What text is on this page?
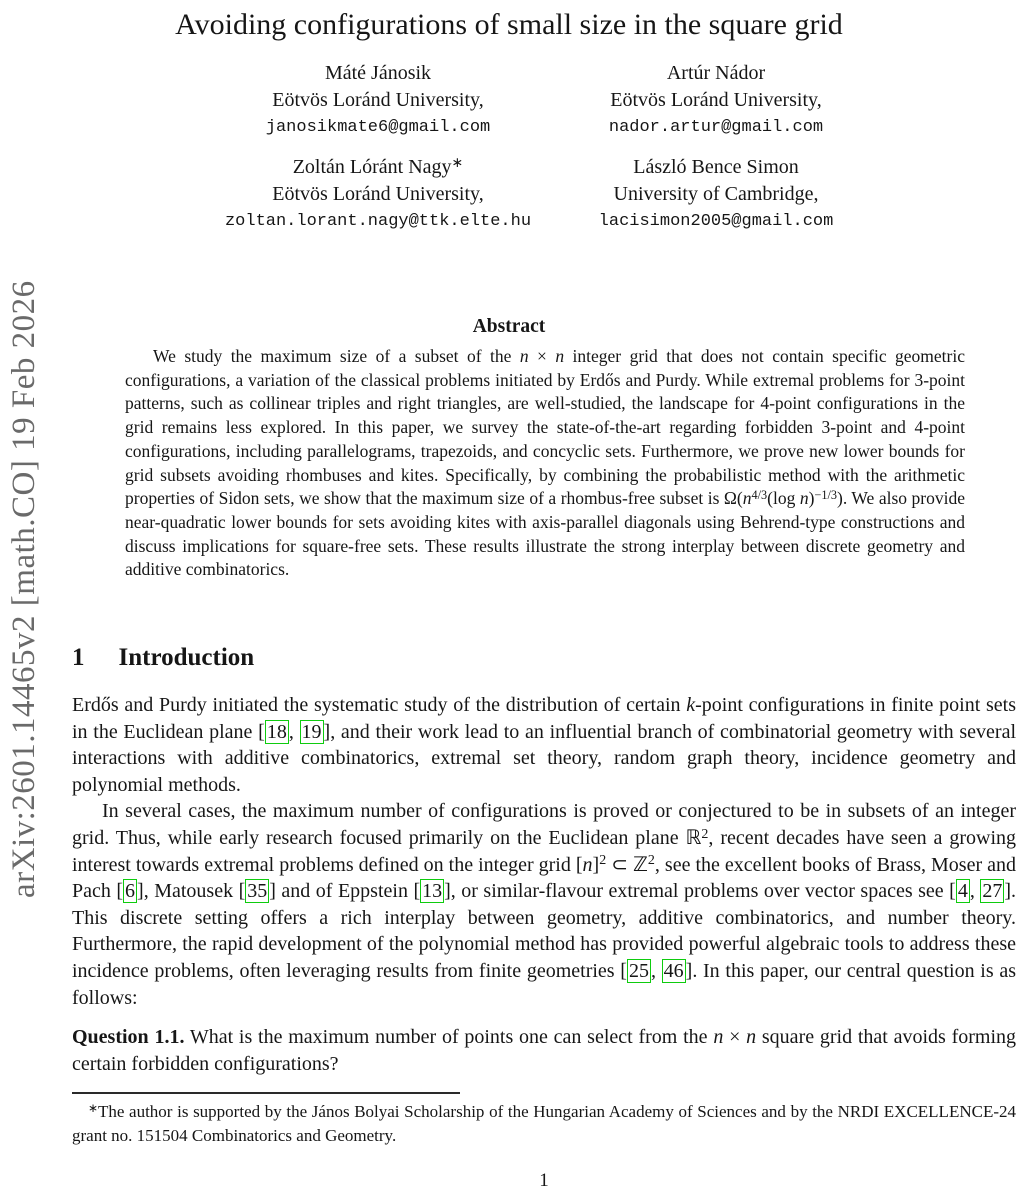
arXiv:2601.14465v2 [math.CO] 19 Feb 2026
Avoiding configurations of small size in the square grid
Máté Jánosik
Eötvös Loránd University,
janosikmate6@gmail.com
Artúr Nádor
Eötvös Loránd University,
nador.artur@gmail.com
Zoltán Lóránt Nagy∗
Eötvös Loránd University,
zoltan.lorant.nagy@ttk.elte.hu
László Bence Simon
University of Cambridge,
lacisimon2005@gmail.com
Abstract
We study the maximum size of a subset of the n × n integer grid that does not contain specific geometric configurations, a variation of the classical problems initiated by Erdős and Purdy. While extremal problems for 3-point patterns, such as collinear triples and right triangles, are well-studied, the landscape for 4-point configurations in the grid remains less explored. In this paper, we survey the state-of-the-art regarding forbidden 3-point and 4-point configurations, including parallelograms, trapezoids, and concyclic sets. Furthermore, we prove new lower bounds for grid subsets avoiding rhombuses and kites. Specifically, by combining the probabilistic method with the arithmetic properties of Sidon sets, we show that the maximum size of a rhombus-free subset is $\Omega(n^{4/3}(\log$ n)$^{-1/3}$). We also provide near-quadratic lower bounds for sets avoiding kites with axis-parallel diagonals using Behrend-type constructions and discuss implications for square-free sets. These results illustrate the strong interplay between discrete geometry and additive combinatorics.
1 Introduction

Erdős and Purdy initiated the systematic study of the distribution of certain k-point configurations in finite point sets in the Euclidean plane [ 18 , 19 ], and their work lead to an influential branch of combinatorial geometry with several interactions with additive combinatorics, extremal set theory, random graph theory, incidence geometry and polynomial methods.

In several cases, the maximum number of configurations is proved or conjectured to be in subsets of an integer grid. Thus, while early research focused primarily on the Euclidean plane ℝ$^2$, recent decades have seen a growing interest towards extremal problems defined on the integer grid $[n]^2$ ⊂ ℤ$^2$, see the excellent books of Brass, Moser and Pach [ 6 ], Matousek [ 35 ] and of Eppstein [ 13 ], or similar-flavour extremal problems over vector spaces see [ 4 , 27 ]. This discrete setting offers a rich interplay between geometry, additive combinatorics, and number theory. Furthermore, the rapid development of the polynomial method has provided powerful algebraic tools to address these incidence problems, often leveraging results from finite geometries [ 25 , 46 ]. In this paper, our central question is as follows:

Question 1.1. What is the maximum number of points one can select from the n × n square grid that avoids forming certain forbidden configurations?

∗The author is supported by the János Bolyai Scholarship of the Hungarian Academy of Sciences and by the NRDI EXCELLENCE-24 grant no. 151504 Combinatorics and Geometry.
1
